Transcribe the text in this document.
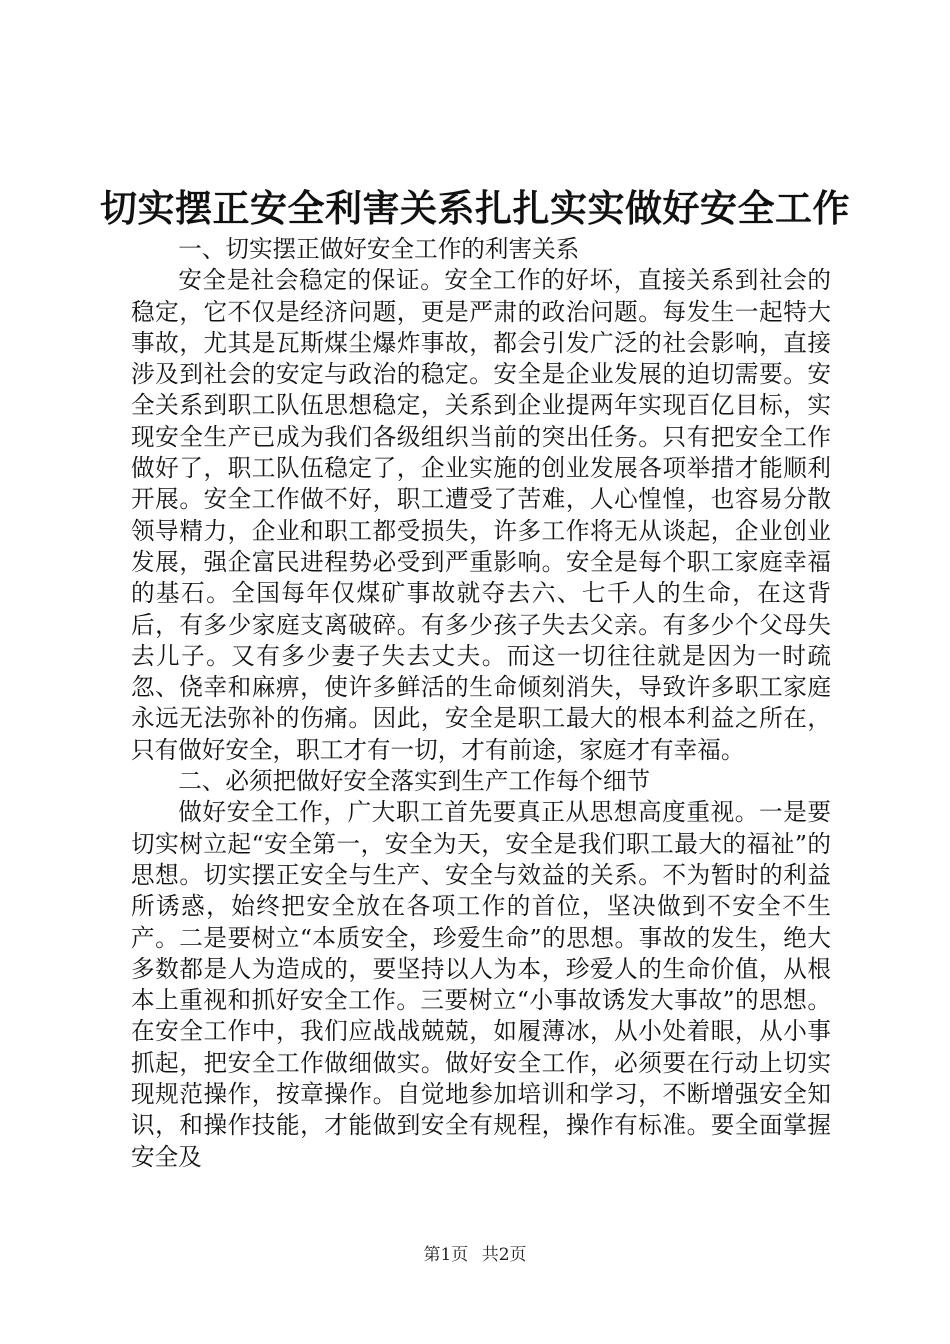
切实摆正安全利害关系扎扎实实做好安全工作

一、切实摆正做好安全工作的利害关系

安全是社会稳定的保证。安全工作的好坏，直接关系到社会的稳定，它不仅是经济问题，更是严肃的政治问题。每发生一起特大事故，尤其是瓦斯煤尘爆炸事故，都会引发广泛的社会影响，直接涉及到社会的安定与政治的稳定。安全是企业发展的迫切需要。安全关系到职工队伍思想稳定，关系到企业提两年实现百亿目标，实现安全生产已成为我们各级组织当前的突出任务。只有把安全工作做好了，职工队伍稳定了，企业实施的创业发展各项举措才能顺利开展。安全工作做不好，职工遭受了苦难，人心惶惶，也容易分散领导精力，企业和职工都受损失，许多工作将无从谈起，企业创业发展，强企富民进程势必受到严重影响。安全是每个职工家庭幸福的基石。全国每年仅煤矿事故就夺去六、七千人的生命，在这背后，有多少家庭支离破碎。有多少孩子失去父亲。有多少个父母失去儿子。又有多少妻子失去丈夫。而这一切往往就是因为一时疏忽、侥幸和麻痹，使许多鲜活的生命倾刻消失，导致许多职工家庭永远无法弥补的伤痛。因此，安全是职工最大的根本利益之所在，只有做好安全，职工才有一切，才有前途，家庭才有幸福。

二、必须把做好安全落实到生产工作每个细节

做好安全工作，广大职工首先要真正从思想高度重视。一是要切实树立起“安全第一，安全为天，安全是我们职工最大的福祉”的思想。切实摆正安全与生产、安全与效益的关系。不为暂时的利益所诱惑，始终把安全放在各项工作的首位，坚决做到不安全不生产。二是要树立“本质安全，珍爱生命”的思想。事故的发生，绝大多数都是人为造成的，要坚持以人为本，珍爱人的生命价值，从根本上重视和抓好安全工作。三要树立“小事故诱发大事故”的思想。在安全工作中，我们应战战兢兢，如履薄冰，从小处着眼，从小事抓起，把安全工作做细做实。做好安全工作，必须要在行动上切实现规范操作，按章操作。自觉地参加培训和学习，不断增强安全知识，和操作技能，才能做到安全有规程，操作有标准。要全面掌握安全及

第1页 共2页
